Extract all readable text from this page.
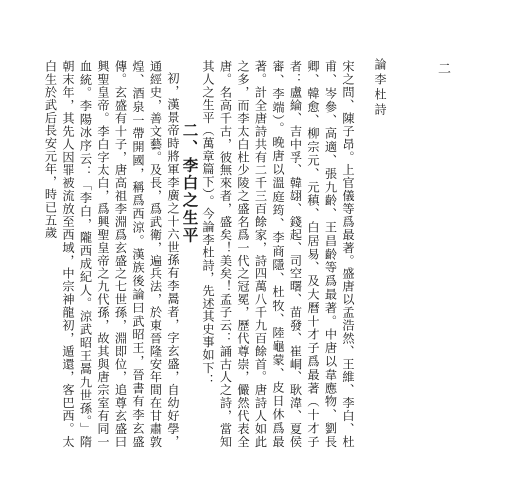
論李杜詩	二

宋之問、陳子昂。上官儀等爲最著。盛唐以孟浩然、王維、李白、杜甫、岑參、高適、張九齡、王昌齡等爲最著。中唐以韋應物、劉長卿、韓愈、柳宗元、元稹、白居易、及大曆十才子爲最著（十才子者：盧綸、吉中孚、韓翃、錢起、司空曙、苗發、崔峒、耿湋、夏侯審、李端）。晚唐以溫庭筠、李商隱、杜牧、陸龜蒙、皮日休爲最著。計全唐詩共有二千三百餘家，詩四萬八千九百餘首。唐詩人如此之多，而李太白杜少陵之盛名爲一代之冠冕，歷代尊崇，儼然代表全唐。名高千古，彼無來者，盛矣！美矣！孟子云：誦古人之詩，當知其人之生平（萬章篇下）。今論李杜詩，先述其史事如下：

二、李白之生平

初，漢景帝時將軍李廣之十六世孫有李暠者，字玄盛，自幼好學，通經史，善文藝。及長，爲武衛，遍兵法，於東晉隆安年間在甘肅敦煌、酒泉一帶開國，稱爲西涼。漢族後論曰武昭王，晉書有李玄盛傳。玄盛有十子，唐高祖李淵爲玄盛之七世孫，淵即位，追尊玄盛曰興聖皇帝。李白字太白，爲興聖皇帝之九代孫，故其與唐宗室有同一血統。李陽冰序云：「李白，隴西成紀人。涼武昭王暠九世孫。」隋朝末年，其先人因罪被流放至西域，中宗神龍初，遁還，客巴西。太白生於武后長安元年，時已五歲
